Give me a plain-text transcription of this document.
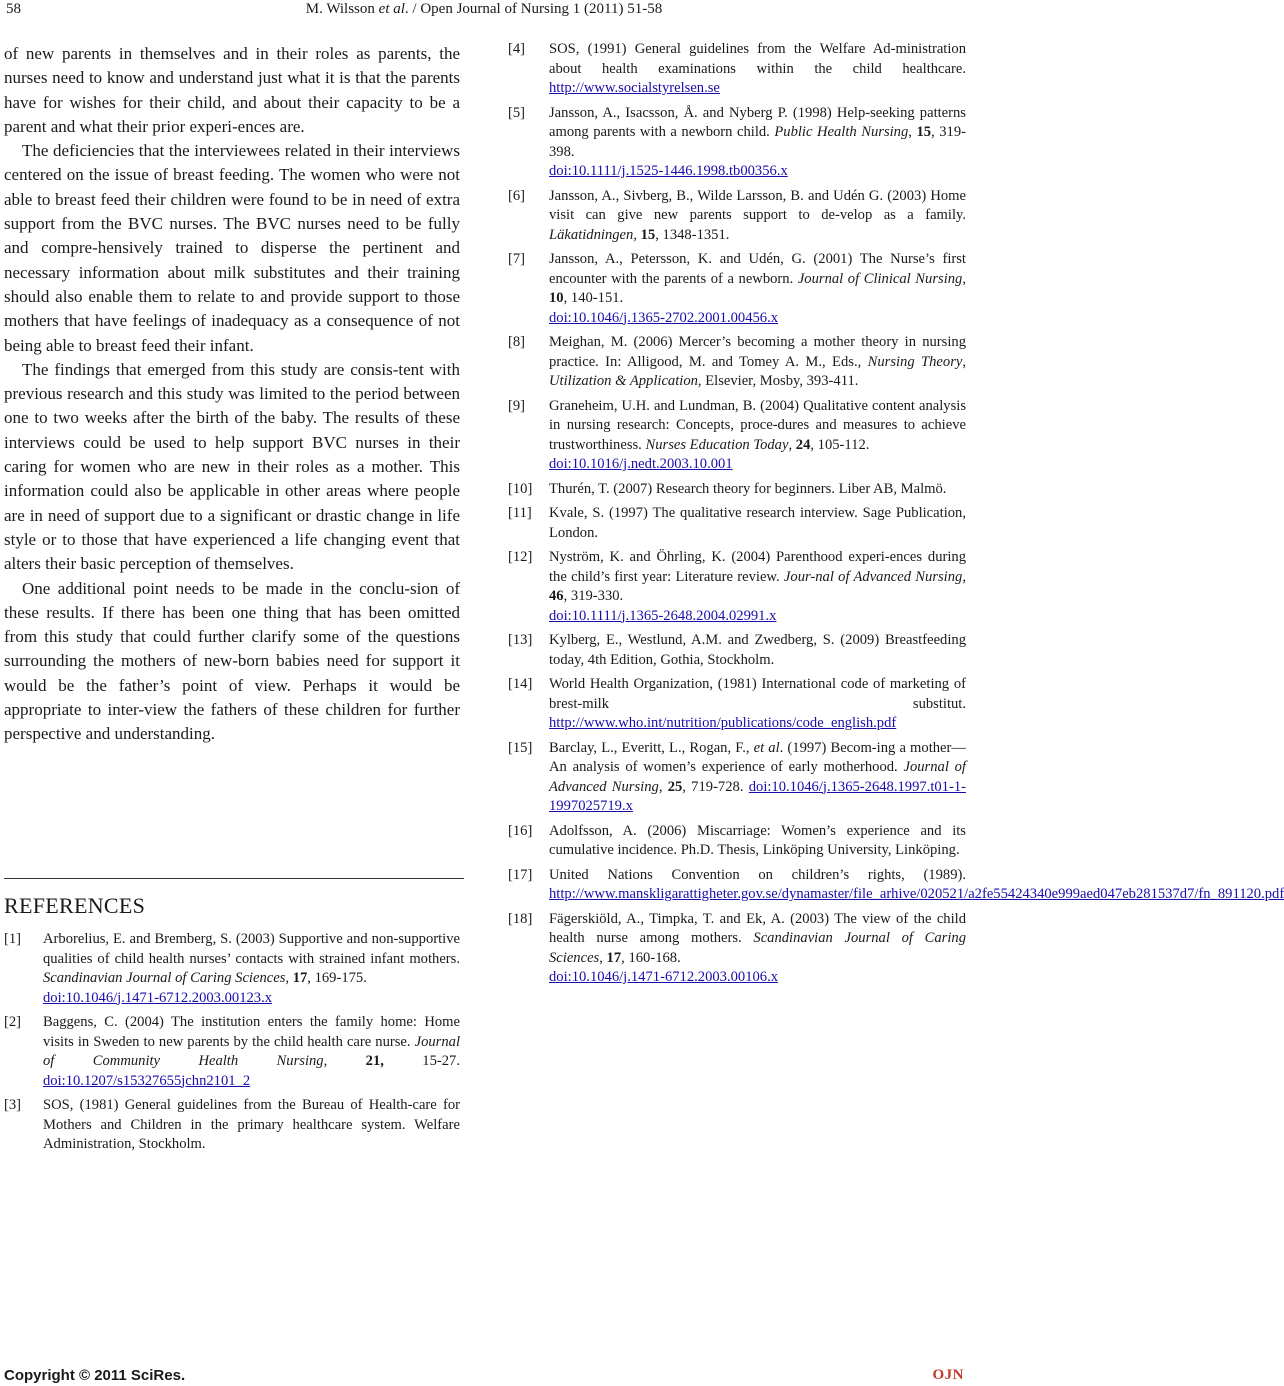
58	M. Wilsson et al. / Open Journal of Nursing 1 (2011) 51-58

of new parents in themselves and in their roles as parents, the nurses need to know and understand just what it is that the parents have for wishes for their child, and about their capacity to be a parent and what their prior experi-ences are.

The deficiencies that the interviewees related in their interviews centered on the issue of breast feeding. The women who were not able to breast feed their children were found to be in need of extra support from the BVC nurses. The BVC nurses need to be fully and compre-hensively trained to disperse the pertinent and necessary information about milk substitutes and their training should also enable them to relate to and provide support to those mothers that have feelings of inadequacy as a consequence of not being able to breast feed their infant.

The findings that emerged from this study are consis-tent with previous research and this study was limited to the period between one to two weeks after the birth of the baby. The results of these interviews could be used to help support BVC nurses in their caring for women who are new in their roles as a mother. This information could also be applicable in other areas where people are in need of support due to a significant or drastic change in life style or to those that have experienced a life changing event that alters their basic perception of themselves.

One additional point needs to be made in the conclu-sion of these results. If there has been one thing that has been omitted from this study that could further clarify some of the questions surrounding the mothers of new-born babies need for support it would be the father’s point of view. Perhaps it would be appropriate to inter-view the fathers of these children for further perspective and understanding.

REFERENCES
[1] Arborelius, E. and Bremberg, S. (2003) Supportive and non-supportive qualities of child health nurses’ contacts with strained infant mothers. Scandinavian Journal of Caring Sciences, 17, 169-175.
doi:10.1046/j.1471-6712.2003.00123.x
[2] Baggens, C. (2004) The institution enters the family home: Home visits in Sweden to new parents by the child health care nurse. Journal of Community Health Nursing, 21, 15-27. doi:10.1207/s15327655jchn2101_2
[3] SOS, (1981) General guidelines from the Bureau of Health-care for Mothers and Children in the primary healthcare system. Welfare Administration, Stockholm.
[4] SOS, (1991) General guidelines from the Welfare Ad-ministration about health examinations within the child healthcare. http://www.socialstyrelsen.se
[5] Jansson, A., Isacsson, Å. and Nyberg P. (1998) Help-seeking patterns among parents with a newborn child. Public Health Nursing, 15, 319-398.
doi:10.1111/j.1525-1446.1998.tb00356.x
[6] Jansson, A., Sivberg, B., Wilde Larsson, B. and Udén G. (2003) Home visit can give new parents support to de-velop as a family. Läkatidningen, 15, 1348-1351.
[7] Jansson, A., Petersson, K. and Udén, G. (2001) The Nurse’s first encounter with the parents of a newborn. Journal of Clinical Nursing, 10, 140-151.
doi:10.1046/j.1365-2702.2001.00456.x
[8] Meighan, M. (2006) Mercer’s becoming a mother theory in nursing practice. In: Alligood, M. and Tomey A. M., Eds., Nursing Theory, Utilization & Application, Elsevier, Mosby, 393-411.
[9] Graneheim, U.H. and Lundman, B. (2004) Qualitative content analysis in nursing research: Concepts, proce-dures and measures to achieve trustworthiness. Nurses Education Today, 24, 105-112.
doi:10.1016/j.nedt.2003.10.001
[10] Thurén, T. (2007) Research theory for beginners. Liber AB, Malmö.
[11] Kvale, S. (1997) The qualitative research interview. Sage Publication, London.
[12] Nyström, K. and Öhrling, K. (2004) Parenthood experi-ences during the child’s first year: Literature review. Jour-nal of Advanced Nursing, 46, 319-330.
doi:10.1111/j.1365-2648.2004.02991.x
[13] Kylberg, E., Westlund, A.M. and Zwedberg, S. (2009) Breastfeeding today, 4th Edition, Gothia, Stockholm.
[14] World Health Organization, (1981) International code of marketing of brest-milk substitut. http://www.who.int/nutrition/publications/code_english.pdf
[15] Barclay, L., Everitt, L., Rogan, F., et al. (1997) Becom-ing a mother—An analysis of women’s experience of early motherhood. Journal of Advanced Nursing, 25, 719-728. doi:10.1046/j.1365-2648.1997.t01-1-1997025719.x
[16] Adolfsson, A. (2006) Miscarriage: Women’s experience and its cumulative incidence. Ph.D. Thesis, Linköping University, Linköping.
[17] United Nations Convention on children’s rights, (1989). http://www.manskligarattigheter.gov.se/dynamaster/file_arhive/020521/a2fe55424340e999aed047eb281537d7/fn_891120.pdf
[18] Fägerskiöld, A., Timpka, T. and Ek, A. (2003) The view of the child health nurse among mothers. Scandinavian Journal of Caring Sciences, 17, 160-168.
doi:10.1046/j.1471-6712.2003.00106.x
Copyright © 2011 SciRes.	OJN
